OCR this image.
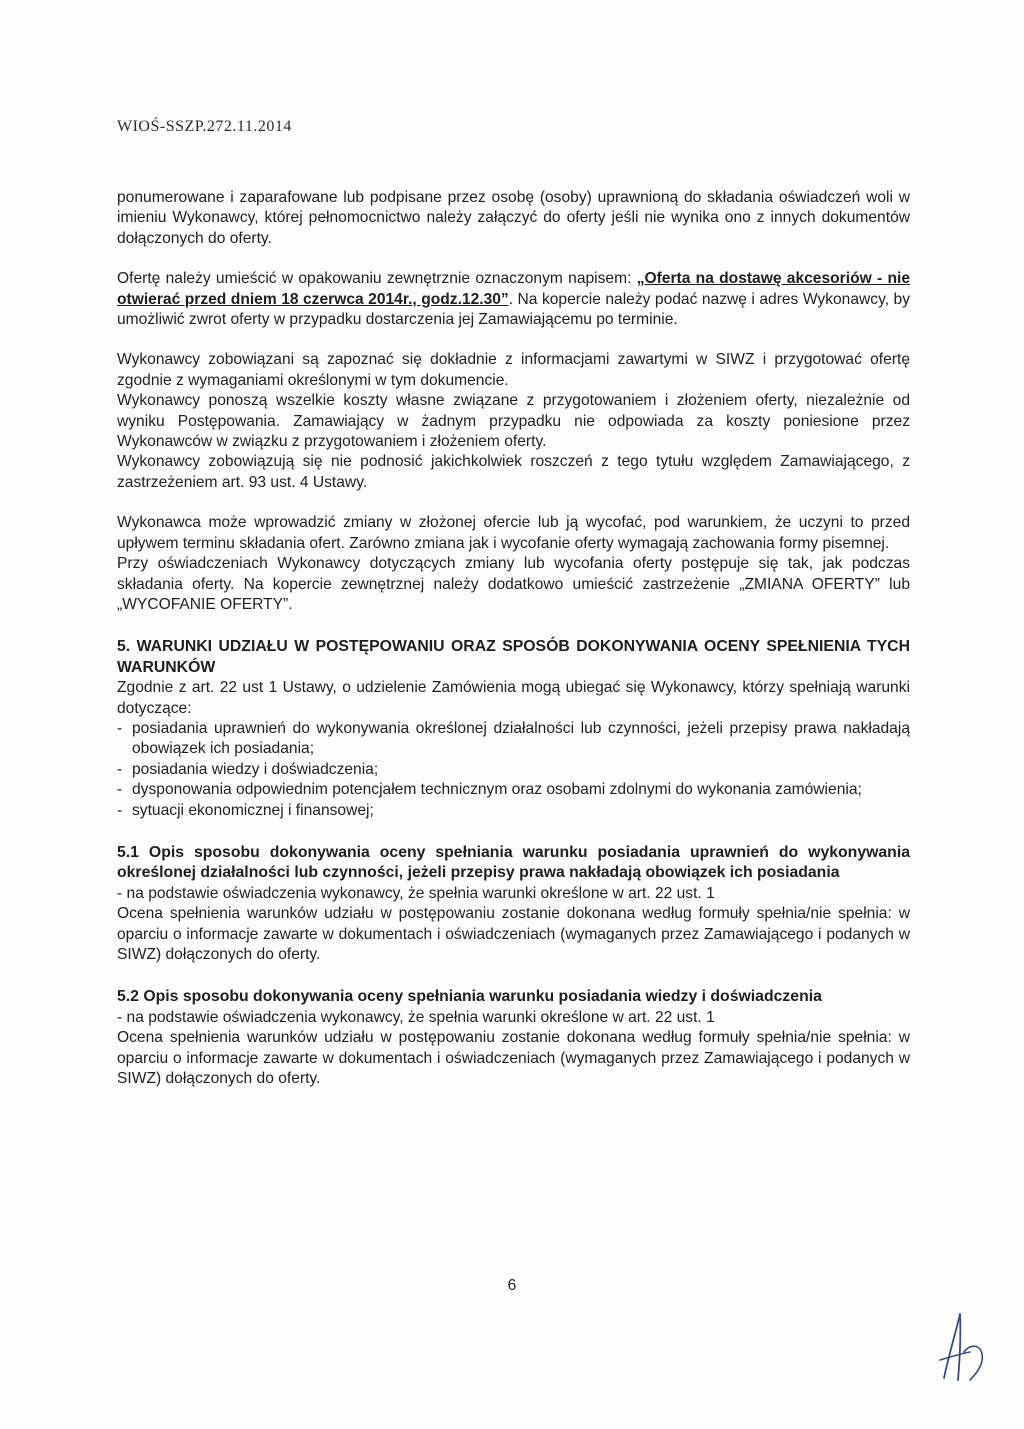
WIOŚ-SSZP.272.11.2014

ponumerowane i zaparafowane lub podpisane przez osobę (osoby) uprawnioną do składania oświadczeń woli w imieniu Wykonawcy, której pełnomocnictwo należy załączyć do oferty jeśli nie wynika ono z innych dokumentów dołączonych do oferty.

Ofertę należy umieścić w opakowaniu zewnętrznie oznaczonym napisem: „Oferta na dostawę akcesoriów - nie otwierać przed dniem 18 czerwca 2014r., godz.12.30”. Na kopercie należy podać nazwę i adres Wykonawcy, by umożliwić zwrot oferty w przypadku dostarczenia jej Zamawiającemu po terminie.

Wykonawcy zobowiązani są zapoznać się dokładnie z informacjami zawartymi w SIWZ i przygotować ofertę zgodnie z wymaganiami określonymi w tym dokumencie.

Wykonawcy ponoszą wszelkie koszty własne związane z przygotowaniem i złożeniem oferty, niezależnie od wyniku Postępowania. Zamawiający w żadnym przypadku nie odpowiada za koszty poniesione przez Wykonawców w związku z przygotowaniem i złożeniem oferty.

Wykonawcy zobowiązują się nie podnosić jakichkolwiek roszczeń z tego tytułu względem Zamawiającego, z zastrzeżeniem art. 93 ust. 4 Ustawy.

Wykonawca może wprowadzić zmiany w złożonej ofercie lub ją wycofać, pod warunkiem, że uczyni to przed upływem terminu składania ofert. Zarówno zmiana jak i wycofanie oferty wymagają zachowania formy pisemnej.

Przy oświadczeniach Wykonawcy dotyczących zmiany lub wycofania oferty postępuje się tak, jak podczas składania oferty. Na kopercie zewnętrznej należy dodatkowo umieścić zastrzeżenie „ZMIANA OFERTY” lub „WYCOFANIE OFERTY”.

5. WARUNKI UDZIAŁU W POSTĘPOWANIU ORAZ SPOSÓB DOKONYWANIA OCENY SPEŁNIENIA TYCH WARUNKÓW

Zgodnie z art. 22 ust 1 Ustawy, o udzielenie Zamówienia mogą ubiegać się Wykonawcy, którzy spełniają warunki dotyczące:

- posiadania uprawnień do wykonywania określonej działalności lub czynności, jeżeli przepisy prawa nakładają obowiązek ich posiadania;
- posiadania wiedzy i doświadczenia;
- dysponowania odpowiednim potencjałem technicznym oraz osobami zdolnymi do wykonania zamówienia;
- sytuacji ekonomicznej i finansowej;

5.1 Opis sposobu dokonywania oceny spełniania warunku posiadania uprawnień do wykonywania określonej działalności lub czynności, jeżeli przepisy prawa nakładają obowiązek ich posiadania

- na podstawie oświadczenia wykonawcy, że spełnia warunki określone w art. 22 ust. 1

Ocena spełnienia warunków udziału w postępowaniu zostanie dokonana według formuły spełnia/nie spełnia: w oparciu o informacje zawarte w dokumentach i oświadczeniach (wymaganych przez Zamawiającego i podanych w SIWZ) dołączonych do oferty.

5.2 Opis sposobu dokonywania oceny spełniania warunku posiadania wiedzy i doświadczenia

- na podstawie oświadczenia wykonawcy, że spełnia warunki określone w art. 22 ust. 1

Ocena spełnienia warunków udziału w postępowaniu zostanie dokonana według formuły spełnia/nie spełnia: w oparciu o informacje zawarte w dokumentach i oświadczeniach (wymaganych przez Zamawiającego i podanych w SIWZ) dołączonych do oferty.

6
